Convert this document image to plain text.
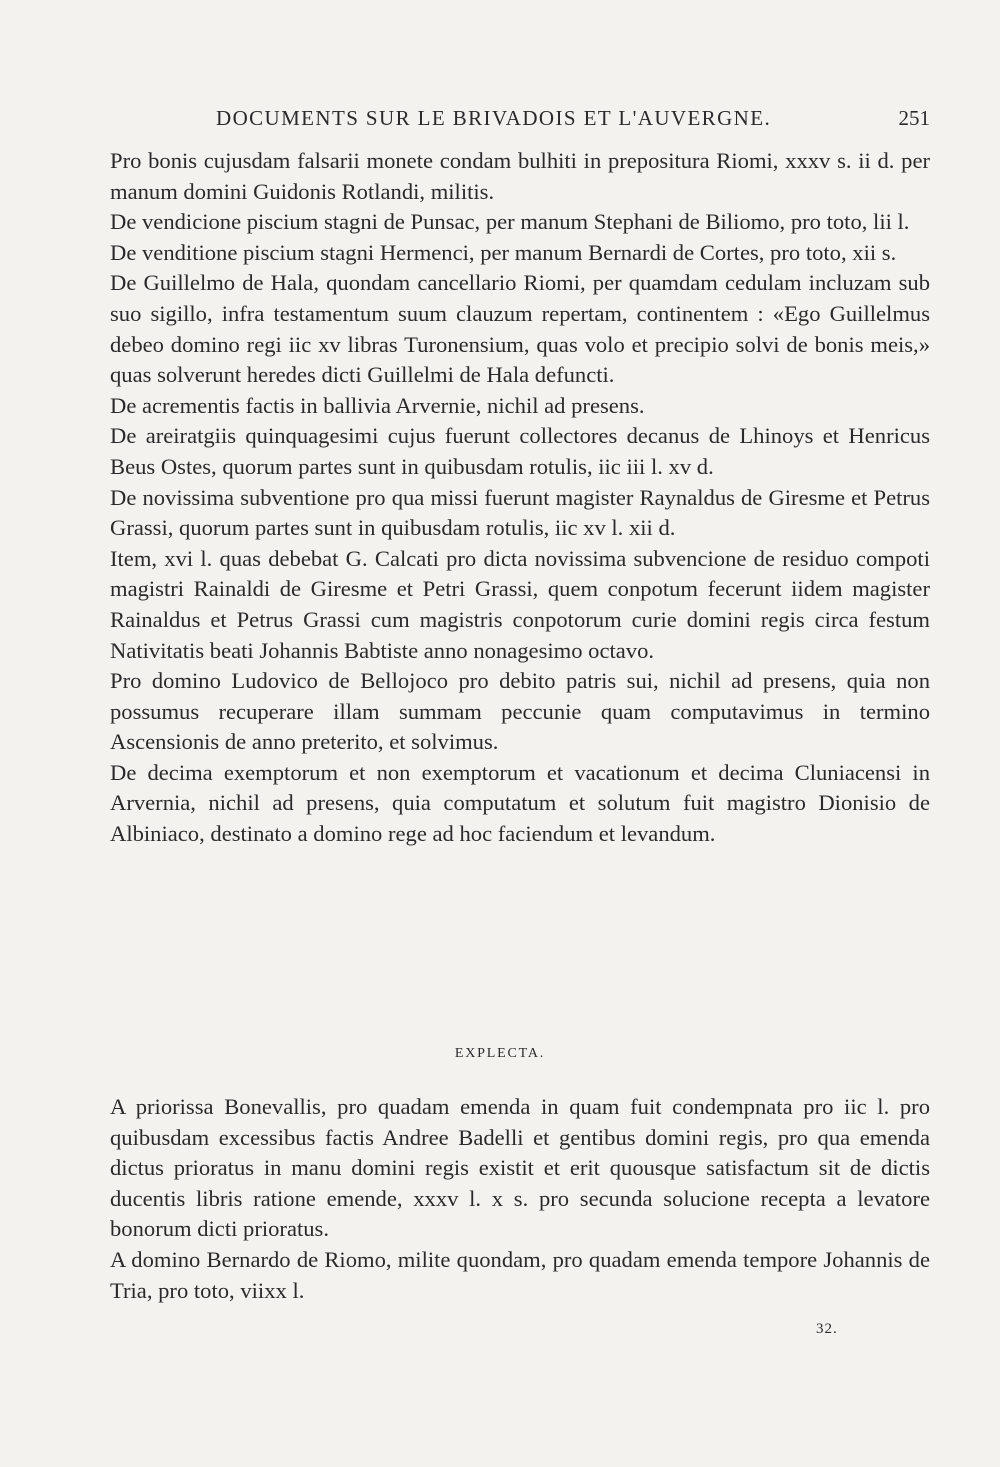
DOCUMENTS SUR LE BRIVADOIS ET L'AUVERGNE.	251

Pro bonis cujusdam falsarii monete condam bulhiti in prepositura Riomi, xxxv s. ii d. per manum domini Guidonis Rotlandi, militis.

De vendicione piscium stagni de Punsac, per manum Stephani de Biliomo, pro toto, lii l.

De venditione piscium stagni Hermenci, per manum Bernardi de Cortes, pro toto, xii s.

De Guillelmo de Hala, quondam cancellario Riomi, per quamdam cedulam incluzam sub suo sigillo, infra testamentum suum clauzum repertam, continentem : «Ego Guillelmus debeo domino regi iic xv libras Turonensium, quas volo et precipio solvi de bonis meis,» quas solverunt heredes dicti Guillelmi de Hala defuncti.

De acrementis factis in ballivia Arvernie, nichil ad presens.

De areiratgiis quinquagesimi cujus fuerunt collectores decanus de Lhinoys et Henricus Beus Ostes, quorum partes sunt in quibusdam rotulis, iic iii l. xv d.

De novissima subventione pro qua missi fuerunt magister Raynaldus de Giresme et Petrus Grassi, quorum partes sunt in quibusdam rotulis, iic xv l. xii d.

Item, xvi l. quas debebat G. Calcati pro dicta novissima subvencione de residuo compoti magistri Rainaldi de Giresme et Petri Grassi, quem conpotum fecerunt iidem magister Rainaldus et Petrus Grassi cum magistris conpotorum curie domini regis circa festum Nativitatis beati Johannis Babtiste anno nonagesimo octavo.

Pro domino Ludovico de Bellojoco pro debito patris sui, nichil ad presens, quia non possumus recuperare illam summam peccunie quam computavimus in termino Ascensionis de anno preterito, et solvimus.

De decima exemptorum et non exemptorum et vacationum et decima Cluniacensi in Arvernia, nichil ad presens, quia computatum et solutum fuit magistro Dionisio de Albiniaco, destinato a domino rege ad hoc faciendum et levandum.

EXPLECTA.

A priorissa Bonevallis, pro quadam emenda in quam fuit condempnata pro iic l. pro quibusdam excessibus factis Andree Badelli et gentibus domini regis, pro qua emenda dictus prioratus in manu domini regis existit et erit quousque satisfactum sit de dictis ducentis libris ratione emende, xxxv l. x s. pro secunda solucione recepta a levatore bonorum dicti prioratus.

A domino Bernardo de Riomo, milite quondam, pro quadam emenda tempore Johannis de Tria, pro toto, viixx l.

32.
